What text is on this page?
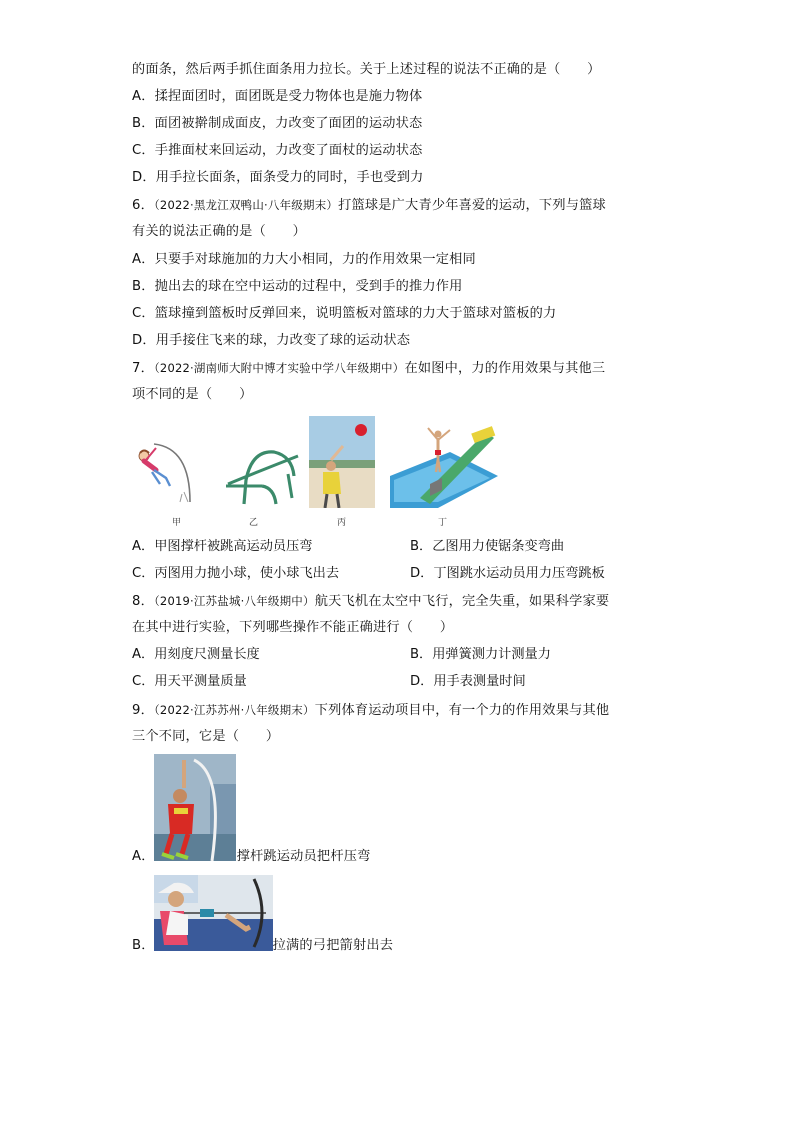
的面条，然后两手抓住面条用力拉长。关于上述过程的说法不正确的是（　　）
A．揉捏面团时，面团既是受力物体也是施力物体
B．面团被擀制成面皮，力改变了面团的运动状态
C．手推面杖来回运动，力改变了面杖的运动状态
D．用手拉长面条，面条受力的同时，手也受到力
6．（2022·黑龙江双鸭山·八年级期末）打篮球是广大青少年喜爱的运动，下列与篮球
有关的说法正确的是（　　）
A．只要手对球施加的力大小相同，力的作用效果一定相同
B．抛出去的球在空中运动的过程中，受到手的推力作用
C．篮球撞到篮板时反弹回来，说明篮板对篮球的力大于篮球对篮板的力
D．用手接住飞来的球，力改变了球的运动状态
7．（2022·湖南师大附中博才实验中学八年级期中）在如图中，力的作用效果与其他三
项不同的是（　　）
甲	乙	丙	丁
A．甲图撑杆被跳高运动员压弯	B．乙图用力使锯条变弯曲
C．丙图用力抛小球，使小球飞出去	D．丁图跳水运动员用力压弯跳板
8．（2019·江苏盐城·八年级期中）航天飞机在太空中飞行，完全失重，如果科学家要
在其中进行实验，下列哪些操作不能正确进行（　　）
A．用刻度尺测量长度	B．用弹簧测力计测量力
C．用天平测量质量	D．用手表测量时间
9．（2022·江苏苏州·八年级期末）下列体育运动项目中，有一个力的作用效果与其他
三个不同，它是（　　）
A．	撑杆跳运动员把杆压弯
B．	拉满的弓把箭射出去
